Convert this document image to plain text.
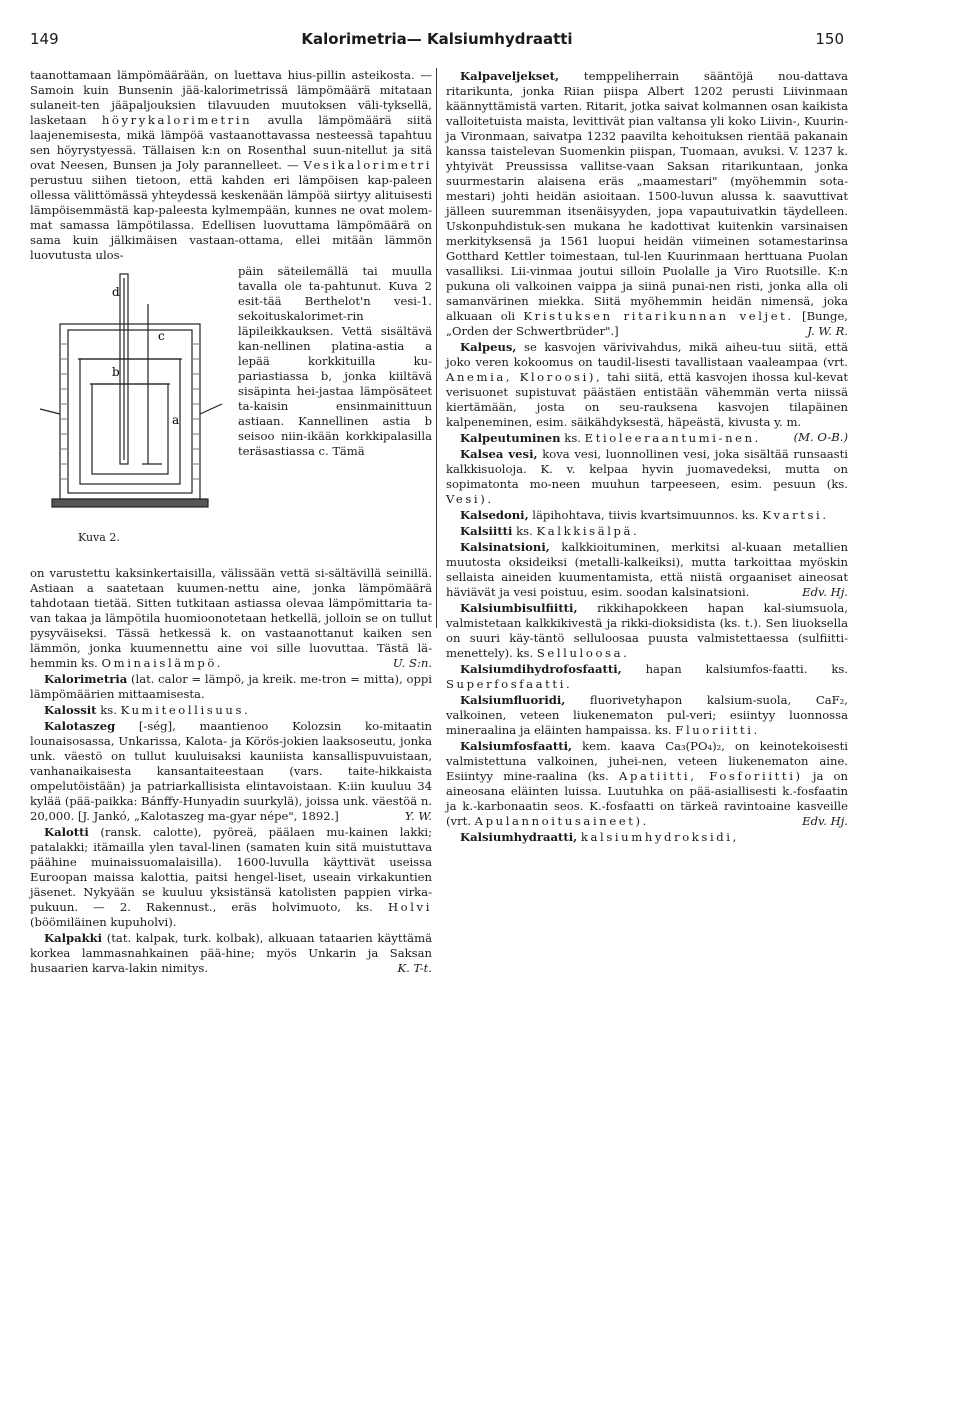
149	Kalorimetria— Kalsiumhydraatti	150

taanottamaan lämpömäärään, on luettava hius-pillin asteikosta. — Samoin kuin Bunsenin jää-kalorimetrissä lämpömäärä mitataan sulaneit-ten jääpaljouksien tilavuuden muutoksen väli-tyksellä, lasketaan höyrykalorimetrin avulla lämpömäärä siitä laajenemisesta, mikä lämpöä vastaanottavassa nesteessä tapahtuu sen höyrystyessä. Tällaisen k:n on Rosenthal suun-nitellut ja sitä ovat Neesen, Bunsen ja Joly parannelleet. — Vesikalorimetri perustuu siihen tietoon, että kahden eri lämpöisen kap-paleen ollessa välittömässä yhteydessä keskenään lämpöä siirtyy alituisesti lämpöisemmästä kap-paleesta kylmempään, kunnes ne ovat molem-mat samassa lämpötilassa. Edellisen luovuttama lämpömäärä on sama kuin jälkimäisen vastaan-ottama, ellei mitään lämmön luovutusta ulos-

d
c
b
a
Kuva 2.
päin säteilemällä tai muulla tavalla ole ta-pahtunut. Kuva 2 esit-tää Berthelot'n vesi-1. sekoituskalorimet-rin läpileikkauksen. Vettä sisältävä kan-nellinen platina-astia a lepää korkkituilla ku-pariastiassa b, jonka kiiltävä sisäpinta hei-jastaa lämpösäteet ta-kaisin ensinmainittuun astiaan. Kannellinen astia b seisoo niin-ikään korkkipalasilla teräsastiassa c. Tämä

on varustettu kaksinkertaisilla, välissään vettä si-sältävillä seinillä. Astiaan a saatetaan kuumen-nettu aine, jonka lämpömäärä tahdotaan tietää. Sitten tutkitaan astiassa olevaa lämpömittaria ta-van takaa ja lämpötila huomioonotetaan hetkellä, jolloin se on tullut pysyväiseksi. Tässä hetkessä k. on vastaanottanut kaiken sen lämmön, jonka kuumennettu aine voi sille luovuttaa. Tästä lä-hemmin ks. Ominaislämpö.	U. S:n.

Kalorimetria (lat. calor = lämpö, ja kreik. me-tron = mitta), oppi lämpömäärien mittaamisesta.

Kalossit ks. Kumiteollisuus.

Kalotaszeg [-ség], maantienoo Kolozsin ko-mitaatin lounaisosassa, Unkarissa, Kalota- ja Körös-jokien laaksoseutu, jonka unk. väestö on tullut kuuluisaksi kauniista kansallispuvuistaan, vanhanaikaisesta kansantaiteestaan (vars. taite-hikkaista ompelutöistään) ja patriarkallisista elintavoistaan. K:iin kuuluu 34 kylää (pää-paikka: Bánffy-Hunyadin suurkylä), joissa unk. väestöä n. 20,000. [J. Jankó, „Kalotaszeg ma-gyar népe", 1892.]	Y. W.

Kalotti (ransk. calotte), pyöreä, päälaen mu-kainen lakki; patalakki; itämailla ylen taval-linen (samaten kuin sitä muistuttava päähine muinaissuomalaisilla). 1600-luvulla käyttivät useissa Euroopan maissa kalottia, paitsi hengel-liset, useain virkakuntien jäsenet. Nykyään se kuuluu yksistänsä katolisten pappien virka-pukuun. — 2. Rakennust., eräs holvimuoto, ks. Holvi (böömiläinen kupuholvi).

Kalpakki (tat. kalpak, turk. kolbak), alkuaan tataarien käyttämä korkea lammasnahkainen pää-hine; myös Unkarin ja Saksan husaarien karva-lakin nimitys.	K. T-t.

Kalpaveljekset, temppeliherrain sääntöjä nou-dattava ritarikunta, jonka Riian piispa Albert 1202 perusti Liivinmaan käännyttämistä varten. Ritarit, jotka saivat kolmannen osan kaikista valloitetuista maista, levittivät pian valtansa yli koko Liivin-, Kuurin- ja Vironmaan, saivatpa 1232 paavilta kehoituksen rientää pakanain kanssa taistelevan Suomenkin piispan, Tuomaan, avuksi. V. 1237 k. yhtyivät Preussissa vallitse-vaan Saksan ritarikuntaan, jonka suurmestarin alaisena eräs „maamestari" (myöhemmin sota-mestari) johti heidän asioitaan. 1500-luvun alussa k. saavuttivat jälleen suuremman itsenäisyyden, jopa vapautuivatkin täydelleen. Uskonpuhdistuk-sen mukana he kadottivat kuitenkin varsinaisen merkityksensä ja 1561 luopui heidän viimeinen sotamestarinsa Gotthard Kettler toimestaan, tul-len Kuurinmaan herttuana Puolan vasalliksi. Lii-vinmaa joutui silloin Puolalle ja Viro Ruotsille. K:n pukuna oli valkoinen vaippa ja siinä punai-nen risti, jonka alla oli samanvärinen miekka. Siitä myöhemmin heidän nimensä, joka alkuaan oli Kristuksen ritarikunnan veljet. [Bunge, „Orden der Schwertbrüder".]	J. W. R.

Kalpeus, se kasvojen värivivahdus, mikä aiheu-tuu siitä, että joko veren kokoomus on taudil-lisesti tavallistaan vaaleampaa (vrt. Anemia, Kloroosi), tahi siitä, että kasvojen ihossa kul-kevat verisuonet supistuvat päästäen entistään vähemmän verta niissä kiertämään, josta on seu-rauksena kasvojen tilapäinen kalpeneminen, esim. säikähdyksestä, häpeästä, kivusta y. m.
(M. O-B.)

Kalpeutuminen ks. Etioleeraantumi-nen.

Kalsea vesi, kova vesi, luonnollinen vesi, joka sisältää runsaasti kalkkisuoloja. K. v. kelpaa hyvin juomavedeksi, mutta on sopimatonta mo-neen muuhun tarpeeseen, esim. pesuun (ks. Vesi).

Kalsedoni, läpihohtava, tiivis kvartsimuunnos. ks. Kvartsi.

Kalsiitti ks. Kalkkisälpä.

Kalsinatsioni, kalkkioituminen, merkitsi al-kuaan metallien muutosta oksideiksi (metalli-kalkeiksi), mutta tarkoittaa myöskin sellaista aineiden kuumentamista, että niistä orgaaniset aineosat häviävät ja vesi poistuu, esim. soodan kalsinatsioni.	Edv. Hj.

Kalsiumbisulfiitti, rikkihapokkeen hapan kal-siumsuola, valmistetaan kalkkikivestä ja rikki-dioksidista (ks. t.). Sen liuoksella on suuri käy-täntö selluloosaa puusta valmistettaessa (sulfiitti-menettely). ks. Selluloosa.

Kalsiumdihydrofosfaatti, hapan kalsiumfos-faatti. ks. Superfosfaatti.

Kalsiumfluoridi, fluorivetyhapon kalsium-suola, CaF₂, valkoinen, veteen liukenematon pul-veri; esiintyy luonnossa mineraalina ja eläinten hampaissa. ks. Fluoriitti.

Kalsiumfosfaatti, kem. kaava Ca₃(PO₄)₂, on keinotekoisesti valmistettuna valkoinen, juhei-nen, veteen liukenematon aine. Esiintyy mine-raalina (ks. Apatiitti, Fosforiitti) ja on aineosana eläinten luissa. Luutuhka on pää-asiallisesti k.-fosfaatin ja k.-karbonaatin seos. K.-fosfaatti on tärkeä ravintoaine kasveille (vrt. Apulannoitusaineet).	Edv. Hj.

Kalsiumhydraatti, kalsiumhydroksidi,
